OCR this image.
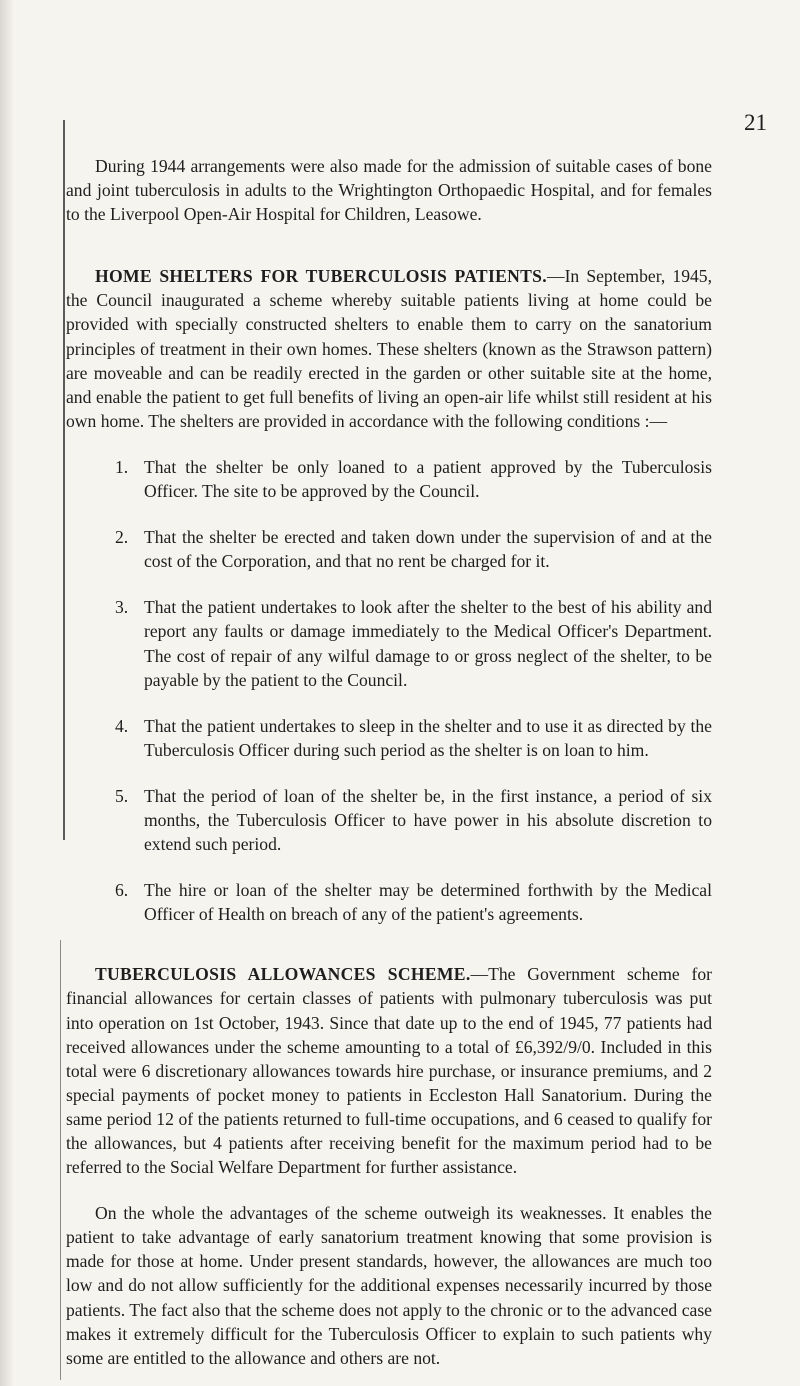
21

During 1944 arrangements were also made for the admission of suitable cases of bone and joint tuberculosis in adults to the Wrightington Orthopaedic Hospital, and for females to the Liverpool Open-Air Hospital for Children, Leasowe.

HOME SHELTERS FOR TUBERCULOSIS PATIENTS.—In September, 1945, the Council inaugurated a scheme whereby suitable patients living at home could be provided with specially constructed shelters to enable them to carry on the sanatorium principles of treatment in their own homes. These shelters (known as the Strawson pattern) are moveable and can be readily erected in the garden or other suitable site at the home, and enable the patient to get full benefits of living an open-air life whilst still resident at his own home. The shelters are provided in accordance with the following conditions :—

1. That the shelter be only loaned to a patient approved by the Tuberculosis Officer. The site to be approved by the Council.
2. That the shelter be erected and taken down under the supervision of and at the cost of the Corporation, and that no rent be charged for it.
3. That the patient undertakes to look after the shelter to the best of his ability and report any faults or damage immediately to the Medical Officer's Department. The cost of repair of any wilful damage to or gross neglect of the shelter, to be payable by the patient to the Council.
4. That the patient undertakes to sleep in the shelter and to use it as directed by the Tuberculosis Officer during such period as the shelter is on loan to him.
5. That the period of loan of the shelter be, in the first instance, a period of six months, the Tuberculosis Officer to have power in his absolute discretion to extend such period.
6. The hire or loan of the shelter may be determined forthwith by the Medical Officer of Health on breach of any of the patient's agreements.

TUBERCULOSIS ALLOWANCES SCHEME.—The Government scheme for financial allowances for certain classes of patients with pulmonary tuberculosis was put into operation on 1st October, 1943. Since that date up to the end of 1945, 77 patients had received allowances under the scheme amounting to a total of £6,392/9/0. Included in this total were 6 discretionary allowances towards hire purchase, or insurance premiums, and 2 special payments of pocket money to patients in Eccleston Hall Sanatorium. During the same period 12 of the patients returned to full-time occupations, and 6 ceased to qualify for the allowances, but 4 patients after receiving benefit for the maximum period had to be referred to the Social Welfare Department for further assistance.

On the whole the advantages of the scheme outweigh its weaknesses. It enables the patient to take advantage of early sanatorium treatment knowing that some provision is made for those at home. Under present standards, however, the allowances are much too low and do not allow sufficiently for the additional expenses necessarily incurred by those patients. The fact also that the scheme does not apply to the chronic or to the advanced case makes it extremely difficult for the Tuberculosis Officer to explain to such patients why some are entitled to the allowance and others are not.
